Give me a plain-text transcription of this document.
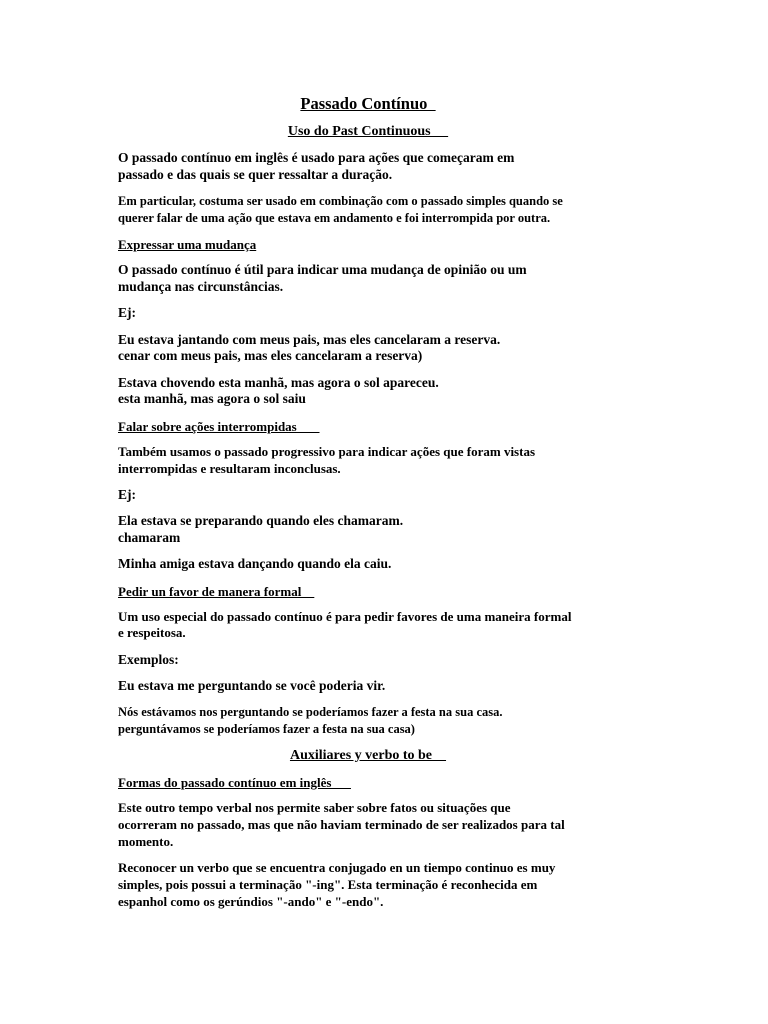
Passado Contínuo
Uso do Past Continuous
O passado contínuo em inglês é usado para ações que começaram em
passado e das quais se quer ressaltar a duração.
Em particular, costuma ser usado em combinação com o passado simples quando se
querer falar de uma ação que estava em andamento e foi interrompida por outra.
Expressar uma mudança
O passado contínuo é útil para indicar uma mudança de opinião ou um
mudança nas circunstâncias.
Ej:
Eu estava jantando com meus pais, mas eles cancelaram a reserva.
cenar com meus pais, mas eles cancelaram a reserva)
Estava chovendo esta manhã, mas agora o sol apareceu.
esta manhã, mas agora o sol saiu
Falar sobre ações interrompidas
Também usamos o passado progressivo para indicar ações que foram vistas
interrompidas e resultaram inconclusas.
Ej:
Ela estava se preparando quando eles chamaram.
chamaram
Minha amiga estava dançando quando ela caiu.
Pedir un favor de manera formal
Um uso especial do passado contínuo é para pedir favores de uma maneira formal
e respeitosa.
Exemplos:
Eu estava me perguntando se você poderia vir.
Nós estávamos nos perguntando se poderíamos fazer a festa na sua casa.
perguntávamos se poderíamos fazer a festa na sua casa)
Auxiliares y verbo to be
Formas do passado contínuo em inglês
Este outro tempo verbal nos permite saber sobre fatos ou situações que
ocorreram no passado, mas que não haviam terminado de ser realizados para tal
momento.
Reconocer un verbo que se encuentra conjugado en un tiempo continuo es muy
simples, pois possui a terminação "-ing". Esta terminação é reconhecida em
espanhol como os gerúndios "-ando" e "-endo".
